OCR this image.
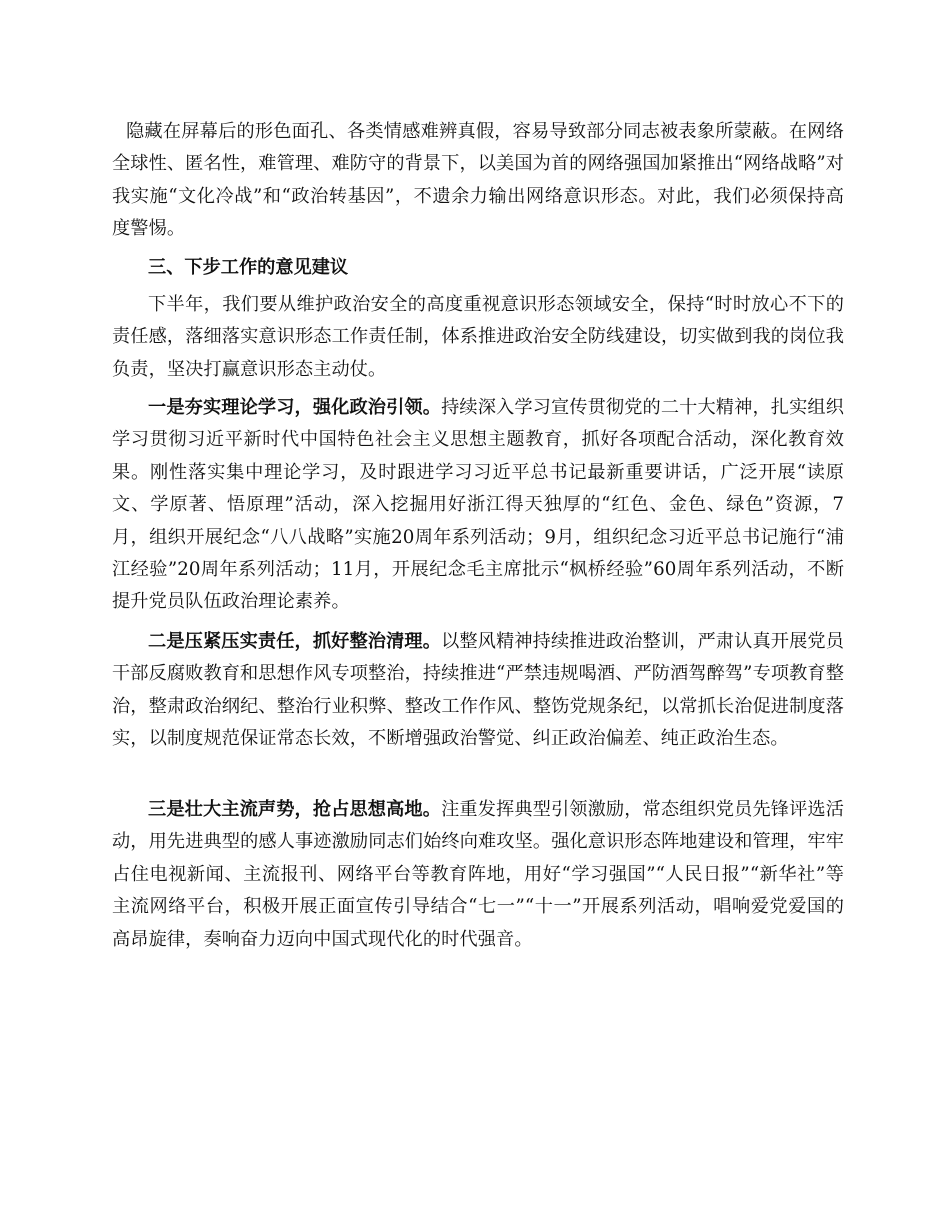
隐藏在屏幕后的形色面孔、各类情感难辨真假，容易导致部分同志被表象所蒙蔽。在网络全球性、匿名性，难管理、难防守的背景下，以美国为首的网络强国加紧推出“网络战略”对我实施“文化冷战”和“政治转基因”，不遗余力输出网络意识形态。对此，我们必须保持高度警惕。

三、下步工作的意见建议

下半年，我们要从维护政治安全的高度重视意识形态领域安全，保持“时时放心不下的责任感，落细落实意识形态工作责任制，体系推进政治安全防线建设，切实做到我的岗位我负责，坚决打赢意识形态主动仗。

一是夯实理论学习，强化政治引领。持续深入学习宣传贯彻党的二十大精神，扎实组织学习贯彻习近平新时代中国特色社会主义思想主题教育，抓好各项配合活动，深化教育效果。刚性落实集中理论学习，及时跟进学习习近平总书记最新重要讲话，广泛开展“读原文、学原著、悟原理”活动，深入挖掘用好浙江得天独厚的“红色、金色、绿色”资源，7月，组织开展纪念“八八战略”实施20周年系列活动；9月，组织纪念习近平总书记施行“浦江经验”20周年系列活动；11月，开展纪念毛主席批示“枫桥经验”60周年系列活动，不断提升党员队伍政治理论素养。

二是压紧压实责任，抓好整治清理。以整风精神持续推进政治整训，严肃认真开展党员干部反腐败教育和思想作风专项整治，持续推进“严禁违规喝酒、严防酒驾醉驾”专项教育整治，整肃政治纲纪、整治行业积弊、整改工作作风、整饬党规条纪，以常抓长治促进制度落实，以制度规范保证常态长效，不断增强政治警觉、纠正政治偏差、纯正政治生态。

三是壮大主流声势，抢占思想高地。注重发挥典型引领激励，常态组织党员先锋评选活动，用先进典型的感人事迹激励同志们始终向难攻坚。强化意识形态阵地建设和管理，牢牢占住电视新闻、主流报刊、网络平台等教育阵地，用好“学习强国”“人民日报”“新华社”等主流网络平台，积极开展正面宣传引导结合“七一”“十一”开展系列活动，唱响爱党爱国的高昂旋律，奏响奋力迈向中国式现代化的时代强音。
